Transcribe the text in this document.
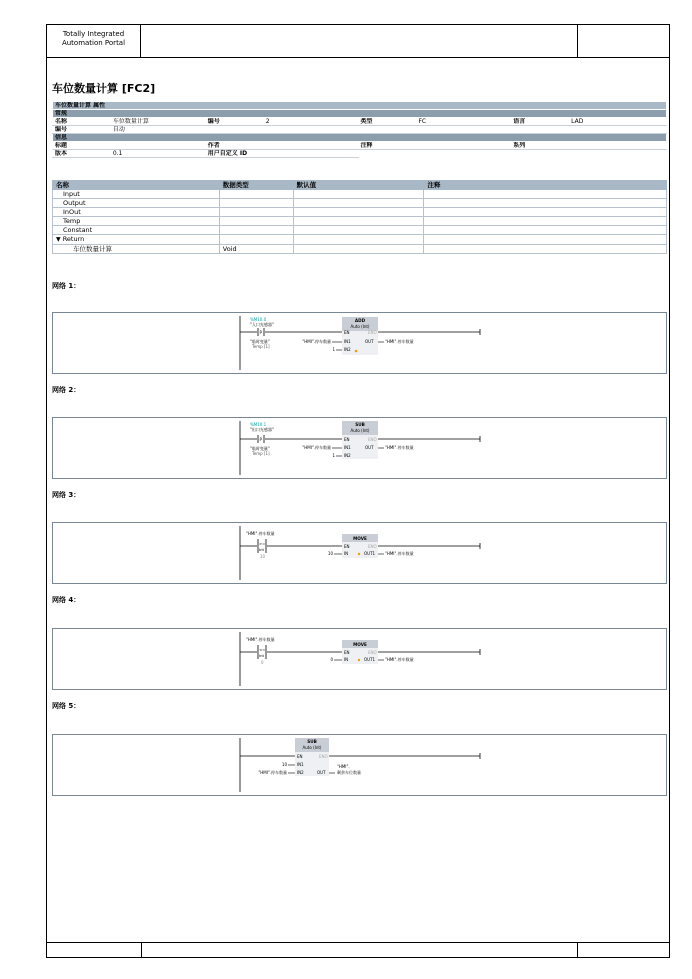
Totally Integrated
Automation Portal
车位数量计算 [FC2]
车位数量计算 属性							
常规							
名称	车位数量计算	编号	2	类型	FC	语言	LAD
编号	自动						
信息							
标题		作者		注释		系列	
版本	0.1	用户自定义 ID					
名称	数据类型	默认值	注释
Input			
Output			
InOut			
Temp			
Constant			
▼ Return			
车位数量计算	Void		
网络 1：
%M10.0
"入口光感器"
P
"临时变量"
Temp [1]
ADD
Auto (Int)
EN	ENO
IN1
IN2
OUT
"HMI".停车数量
1
"HMI".停车数量
网络 2：
%M10.1
"出口光感器"
P
"临时变量"
Temp [1]
SUB
Auto (Int)
EN	ENO
IN1
IN2
OUT
"HMI".停车数量
1
"HMI".停车数量
网络 3：
"HMI".停车数量
>=
Int
10
MOVE
EN	ENO
IN	OUT1
10	"HMI".停车数量
网络 4：
"HMI".停车数量
<=
Int
0
MOVE
EN	ENO
IN	OUT1
0	"HMI".停车数量
网络 5：
SUB
Auto (Int)
EN	ENO
IN1
IN2	OUT
10
"HMI".停车数量
"HMI".
剩余车位数量
